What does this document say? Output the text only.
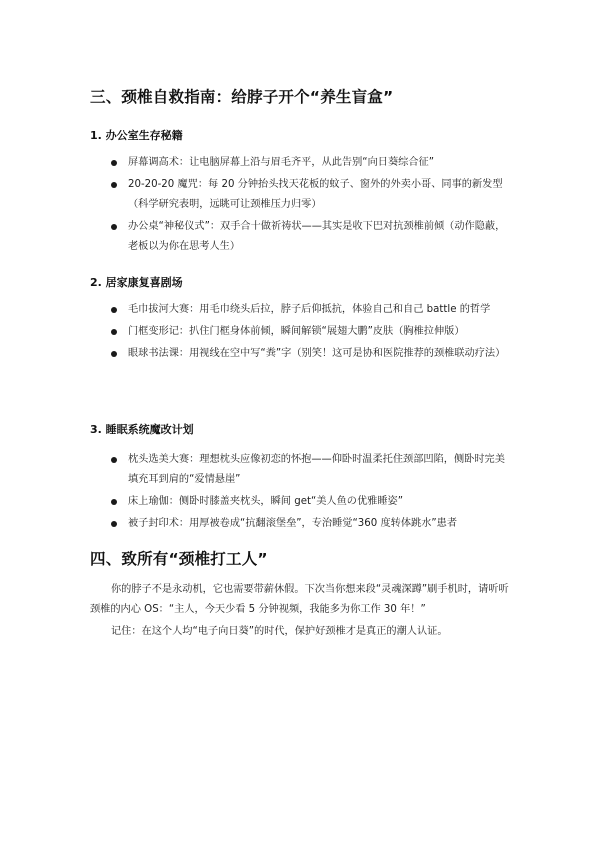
三、颈椎自救指南：给脖子开个“养生盲盒”
1. 办公室生存秘籍
屏幕调高术：让电脑屏幕上沿与眉毛齐平，从此告别“向日葵综合征”
20-20-20 魔咒：每 20 分钟抬头找天花板的蚊子、窗外的外卖小哥、同事的新发型（科学研究表明，远眺可让颈椎压力归零）
办公桌“神秘仪式”：双手合十做祈祷状——其实是收下巴对抗颈椎前倾（动作隐蔽，老板以为你在思考人生）
2. 居家康复喜剧场
毛巾拔河大赛：用毛巾绕头后拉，脖子后仰抵抗，体验自己和自己 battle 的哲学
门框变形记：扒住门框身体前倾，瞬间解锁“展翅大鹏”皮肤（胸椎拉伸版）
眼球书法课：用视线在空中写“粪”字（别笑！这可是协和医院推荐的颈椎联动疗法）
3. 睡眠系统魔改计划
枕头选美大赛：理想枕头应像初恋的怀抱——仰卧时温柔托住颈部凹陷，侧卧时完美填充耳到肩的“爱情悬崖”
床上瑜伽：侧卧时膝盖夹枕头，瞬间 get“美人鱼の优雅睡姿”
被子封印术：用厚被卷成“抗翻滚堡垒”，专治睡觉“360 度转体跳水”患者
四、致所有“颈椎打工人”

你的脖子不是永动机，它也需要带薪休假。下次当你想来段“灵魂深蹲”刷手机时，请听听颈椎的内心 OS：“主人，今天少看 5 分钟视频，我能多为你工作 30 年！”

记住：在这个人均“电子向日葵”的时代，保护好颈椎才是真正的潮人认证。
